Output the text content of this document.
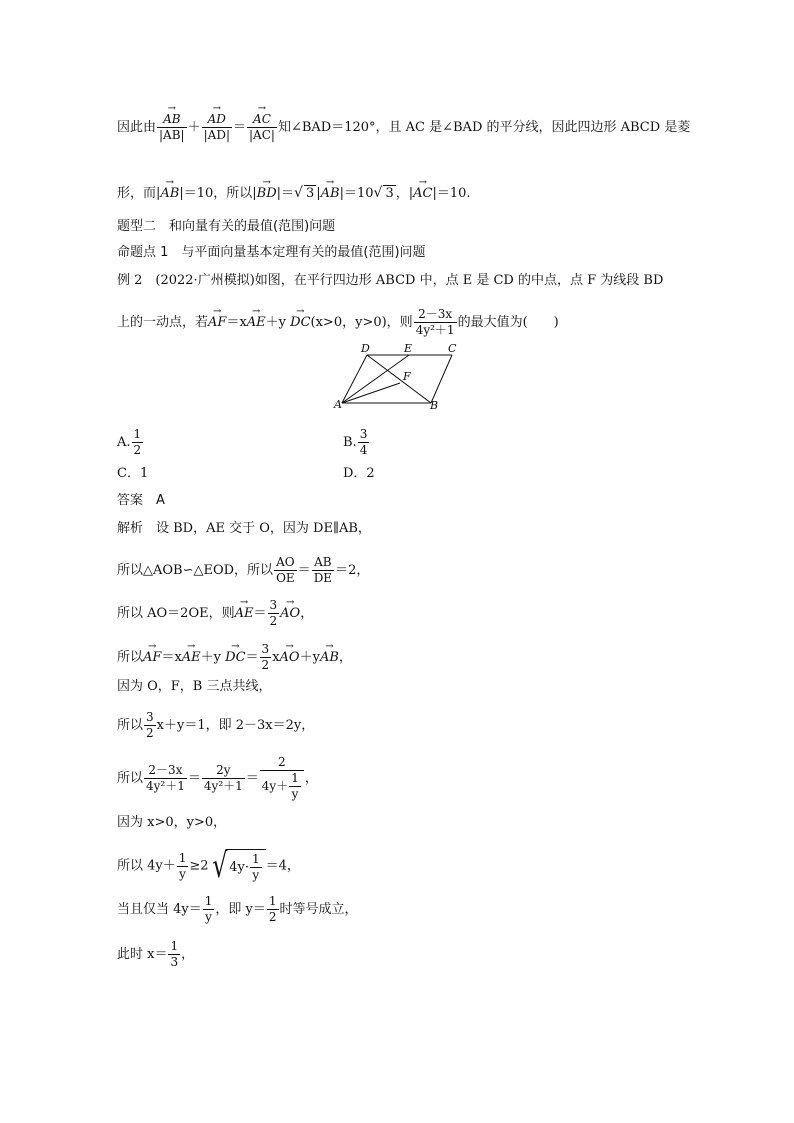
因此由 → $\frac{AB}{|AB|}$ ＋ → $\frac{AD}{|AD|}$ ＝ → $\frac{AC}{|AC|}$ 知∠BAD＝120°，且 AC 是∠BAD 的平分线，因此四边形 ABCD 是菱
形，而|→ AB|＝10，所以|→ BD|＝√ 3 |→ AB|＝10√ 3 ，|→ AC|＝10.
题型二　和向量有关的最值(范围)问题
命题点 1　与平面向量基本定理有关的最值(范围)问题
例 2　(2022·广州模拟)如图，在平行四边形 ABCD 中，点 E 是 CD 的中点，点 F 为线段 BD
上的一动点，若→ AF＝x→ AE＋y → DC(x>0，y>0)，则 $\frac{2-3x}{\text{4y²＋1}}$ 的最大值为(　　)
A	B
C
D	E
F
A. $\frac{1}{2}$	B. $\frac{3}{4}$
C．1	D．2
答案　A
解析　设 BD，AE 交于 O，因为 DE∥AB，
所以△AOB∽△EOD，所以 $\frac{AO}{OE} = \frac{AB}{DE} =2$，
所以 AO＝2OE，则→ $AE= \frac{3}{2}$ → AO，
所以→ $AF=x\to AE+y \to DC= \frac{3}{2} x\to AO+y\to$ AB，
因为 O，F，B 三点共线，
所以 $\frac{3}{2} x+y=1$，即 2－3x＝2y，
所以 $\frac{2-3x}{\text{4y²＋1}} = \frac{2y}{\text{4y²＋1}} = \frac{2}{4y+ \frac{1}{y}}$ ，
因为 x>0，y>0，
所以 $4y+ \frac{1}{y} \ge 2√$ $4y\cdot \frac{1}{y} =4$，
当且仅当 $4y= \frac{1}{y}$ ，即 $y= \frac{1}{2}$ 时等号成立，
此时 $x= \frac{1}{3}$ ，
